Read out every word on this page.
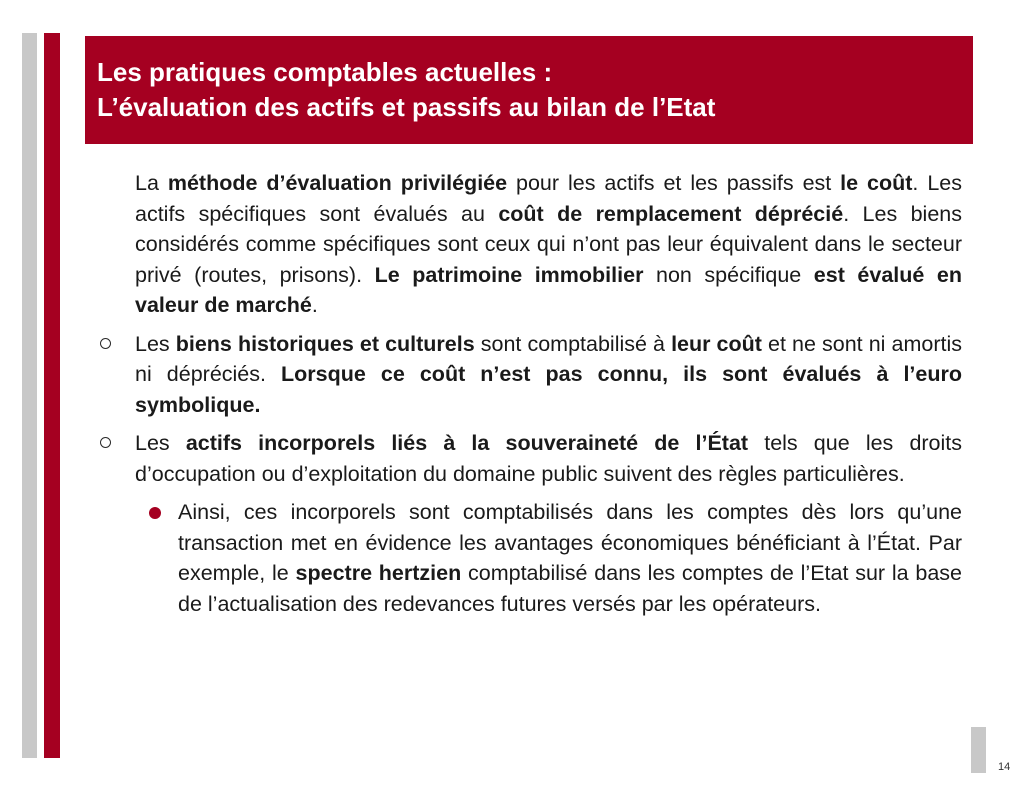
Les pratiques comptables actuelles :
L’évaluation des actifs et passifs au bilan de l’Etat

La méthode d’évaluation privilégiée pour les actifs et les passifs est le coût. Les actifs spécifiques sont évalués au coût de remplacement déprécié. Les biens considérés comme spécifiques sont ceux qui n’ont pas leur équivalent dans le secteur privé (routes, prisons). Le patrimoine immobilier non spécifique est évalué en valeur de marché.

Les biens historiques et culturels sont comptabilisé à leur coût et ne sont ni amortis ni dépréciés. Lorsque ce coût n’est pas connu, ils sont évalués à l’euro symbolique.

Les actifs incorporels liés à la souveraineté de l’État tels que les droits d’occupation ou d’exploitation du domaine public suivent des règles particulières.

Ainsi, ces incorporels sont comptabilisés dans les comptes dès lors qu’une transaction met en évidence les avantages économiques bénéficiant à l’État. Par exemple, le spectre hertzien comptabilisé dans les comptes de l’Etat sur la base de l’actualisation des redevances futures versés par les opérateurs.

14
